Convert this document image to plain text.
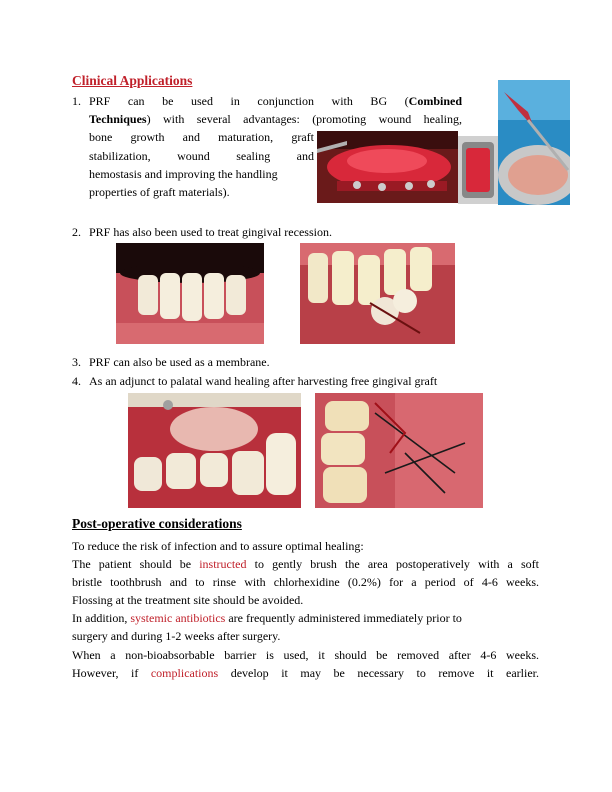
Clinical Applications
1. PRF can be used in conjunction with BG (Combined
Techniques) with several advantages: (promoting wound healing,
bone growth and maturation, graft
stabilization, wound sealing and
hemostasis and improving the handling
properties of graft materials).
2. PRF has also been used to treat gingival recession.
3. PRF can also be used as a membrane.
4. As an adjunct to palatal wand healing after harvesting free gingival graft
Post-operative considerations
To reduce the risk of infection and to assure optimal healing:
The patient should be instructed to gently brush the area postoperatively with a soft
bristle toothbrush and to rinse with chlorhexidine (0.2%) for a period of 4-6 weeks.
Flossing at the treatment site should be avoided.
In addition, systemic antibiotics are frequently administered immediately prior to
surgery and during 1-2 weeks after surgery.
When a non-bioabsorbable barrier is used, it should be removed after 4-6 weeks.
However, if complications develop it may be necessary to remove it earlier.
